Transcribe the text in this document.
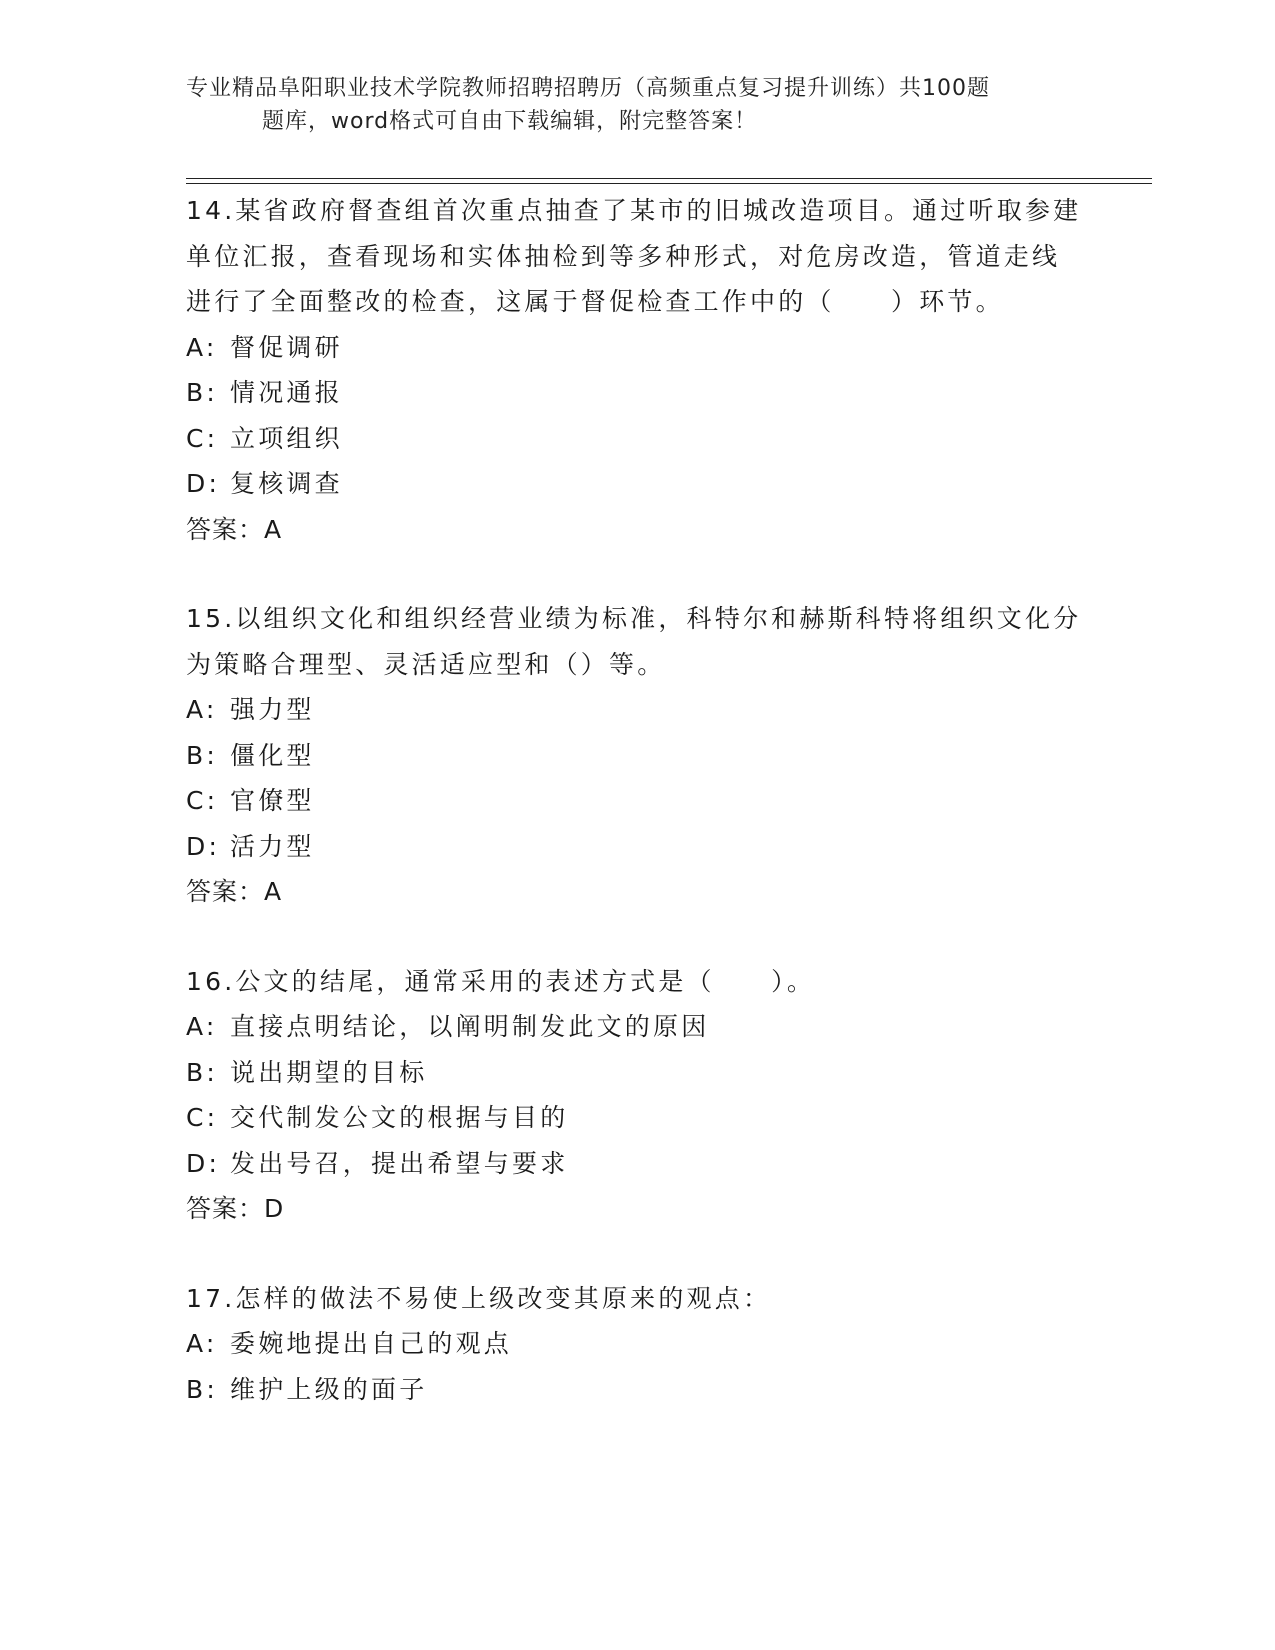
专业精品阜阳职业技术学院教师招聘招聘历（高频重点复习提升训练）共100题
题库，word格式可自由下载编辑，附完整答案！

14.某省政府督查组首次重点抽查了某市的旧城改造项目。通过听取参建单位汇报，查看现场和实体抽检到等多种形式，对危房改造，管道走线进行了全面整改的检查，这属于督促检查工作中的（　　）环节。

A: 督促调研

B: 情况通报

C: 立项组织

D: 复核调查

答案：A

15.以组织文化和组织经营业绩为标准，科特尔和赫斯科特将组织文化分为策略合理型、灵活适应型和（）等。

A: 强力型

B: 僵化型

C: 官僚型

D: 活力型

答案：A

16.公文的结尾，通常采用的表述方式是（　　）。

A: 直接点明结论，以阐明制发此文的原因

B: 说出期望的目标

C: 交代制发公文的根据与目的

D: 发出号召，提出希望与要求

答案：D

17.怎样的做法不易使上级改变其原来的观点：

A: 委婉地提出自己的观点

B: 维护上级的面子
